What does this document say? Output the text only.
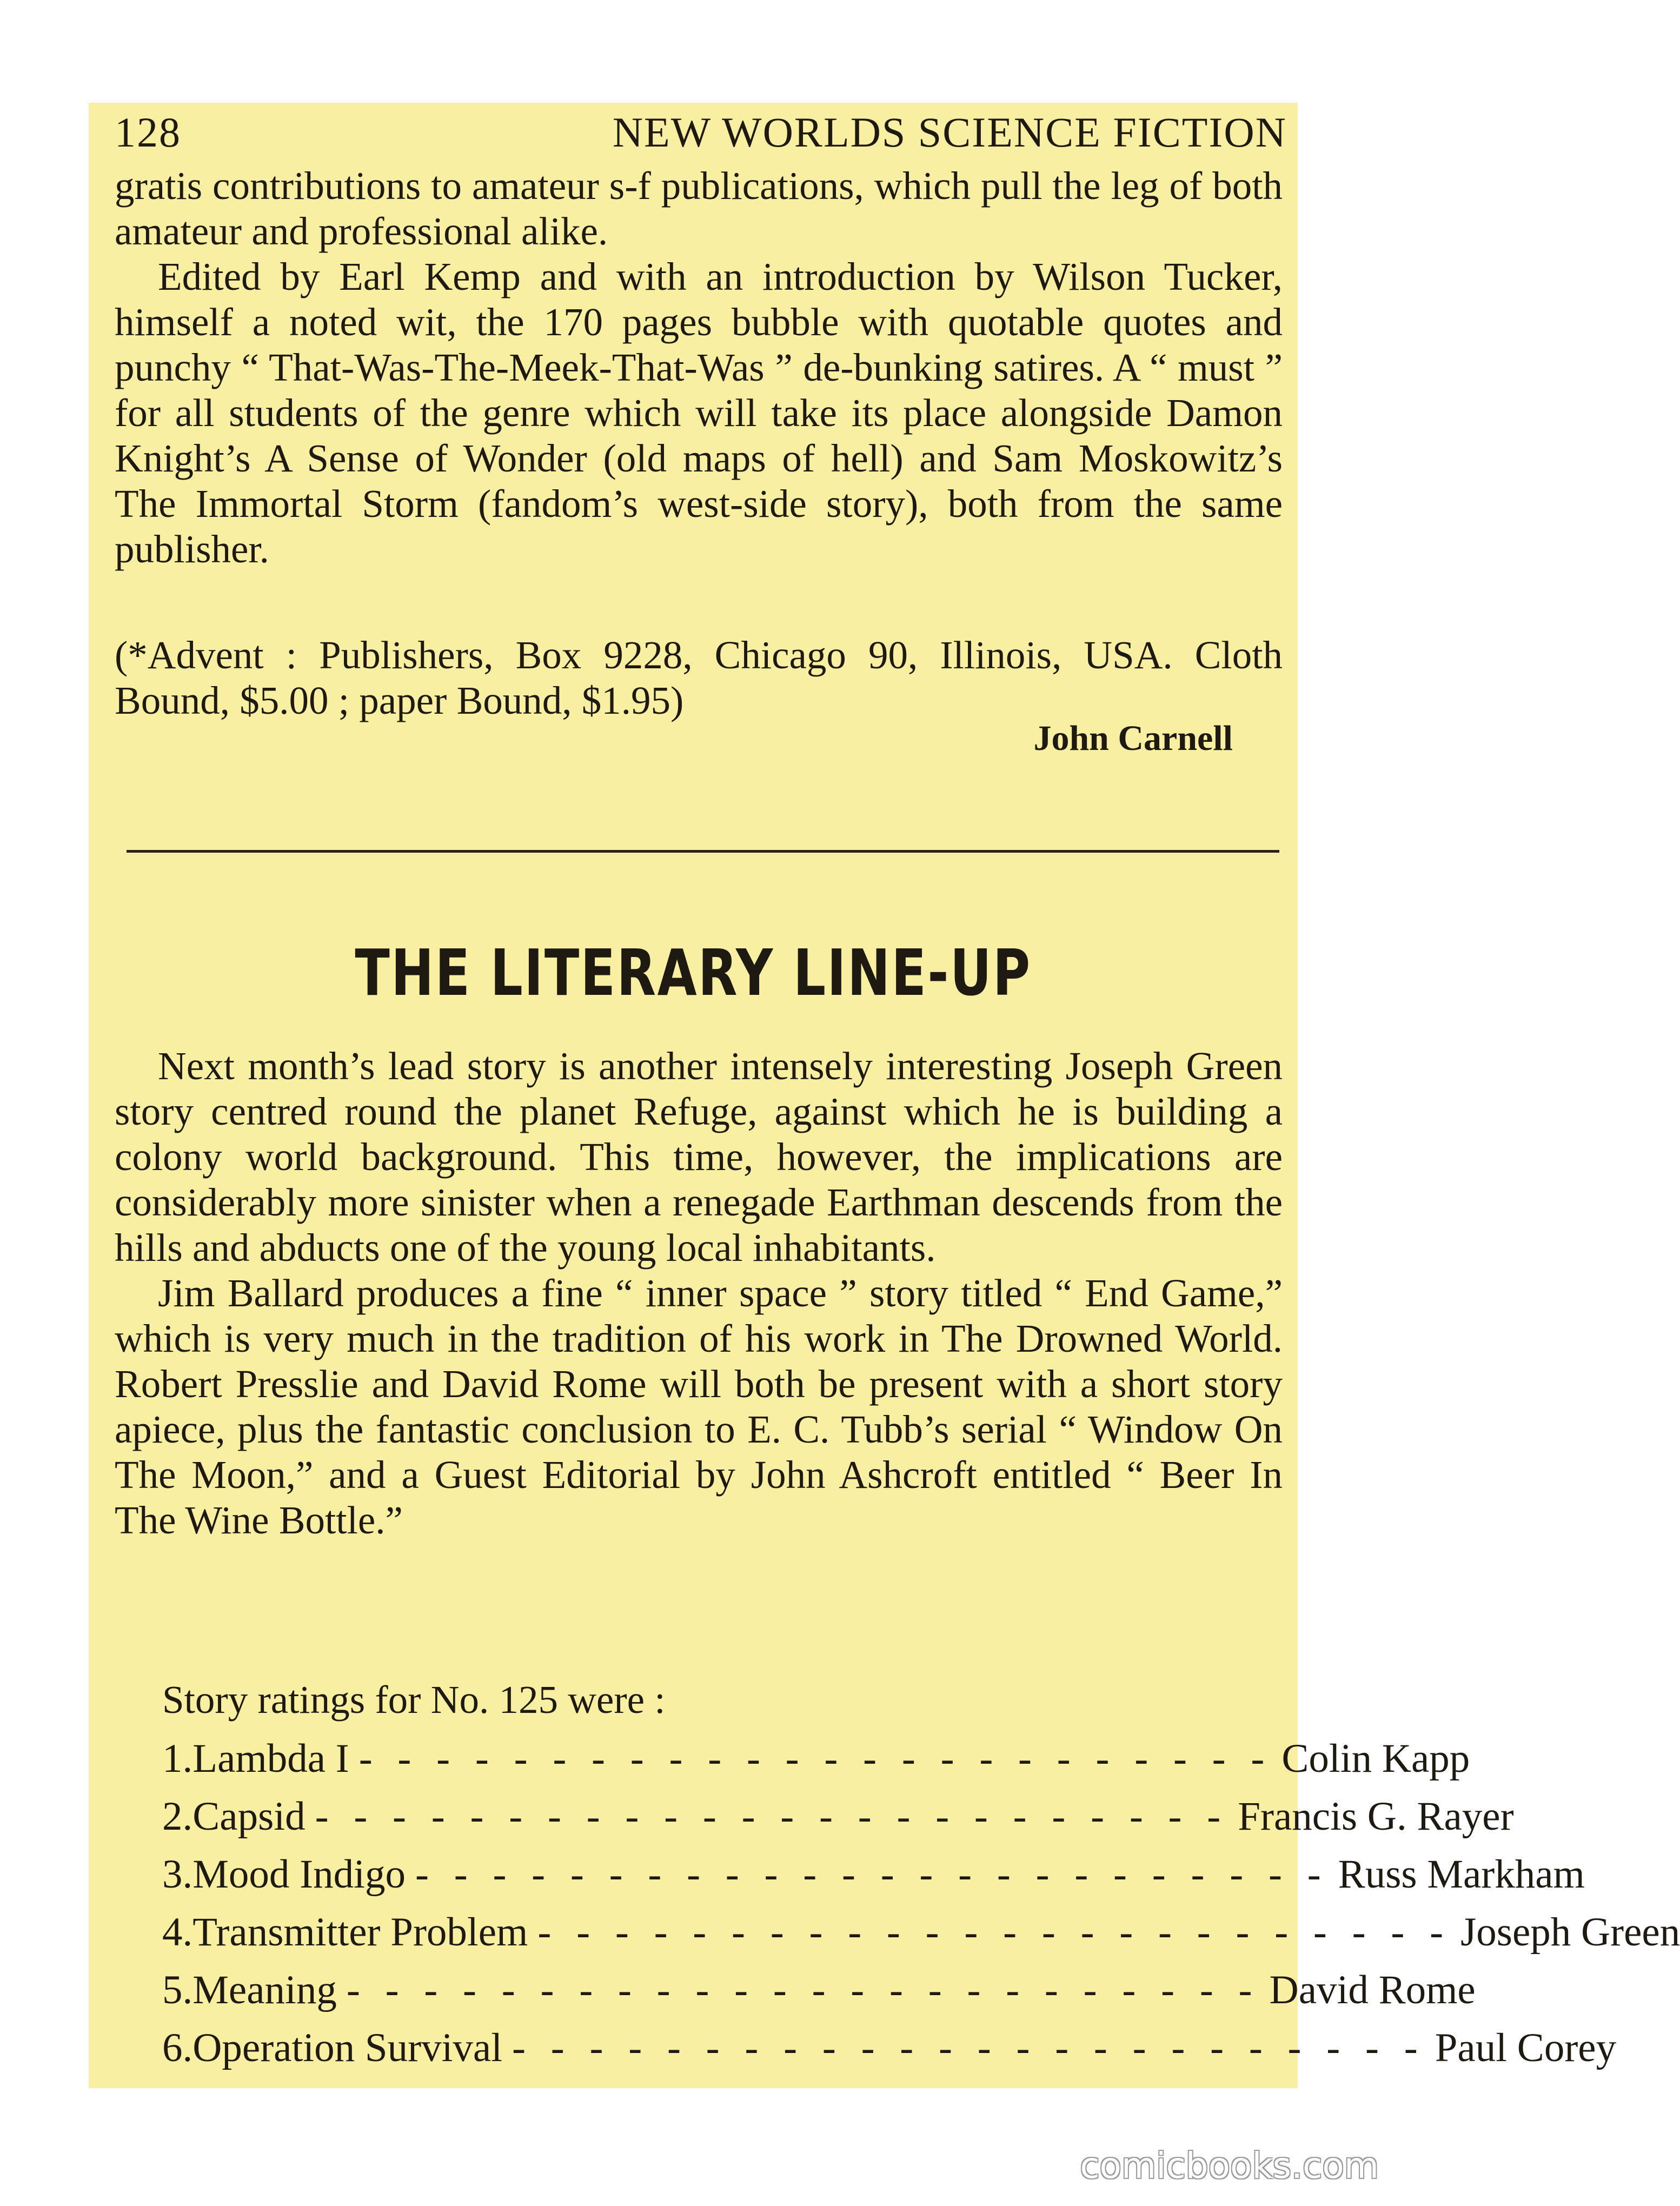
128	NEW WORLDS SCIENCE FICTION

gratis contributions to amateur s-f publications, which pull the leg of both amateur and professional alike.

Edited by Earl Kemp and with an introduction by Wilson Tucker, himself a noted wit, the 170 pages bubble with quotable quotes and punchy “ That-Was-The-Meek-That-Was ” de-bunking satires. A “ must ” for all students of the genre which will take its place alongside Damon Knight’s A Sense of Wonder (old maps of hell) and Sam Moskowitz’s The Immortal Storm (fandom’s west-side story), both from the same publisher.

(*Advent : Publishers, Box 9228, Chicago 90, Illinois, USA. Cloth Bound, $5.00 ; paper Bound, $1.95)

John Carnell
THE LITERARY LINE-UP

Next month’s lead story is another intensely interesting Joseph Green story centred round the planet Refuge, against which he is building a colony world background. This time, however, the implications are considerably more sinister when a renegade Earthman descends from the hills and abducts one of the young local inhabitants.

Jim Ballard produces a fine “ inner space ” story titled “ End Game,” which is very much in the tradition of his work in The Drowned World. Robert Presslie and David Rome will both be present with a short story apiece, plus the fantastic conclusion to E. C. Tubb’s serial “ Window On The Moon,” and a Guest Editorial by John Ashcroft entitled “ Beer In The Wine Bottle.”

Story ratings for No. 125 were :
1. Lambda I - - - - - - - - - - - - - - - - - - - - - - - - Colin Kapp
2. Capsid - - - - - - - - - - - - - - - - - - - - - - - - Francis G. Rayer
3. Mood Indigo - - - - - - - - - - - - - - - - - - - - - - - - Russ Markham
4. Transmitter Problem - - - - - - - - - - - - - - - - - - - - - - - - Joseph Green
5. Meaning - - - - - - - - - - - - - - - - - - - - - - - - David Rome
6. Operation Survival - - - - - - - - - - - - - - - - - - - - - - - - Paul Corey
comicbooks.com
